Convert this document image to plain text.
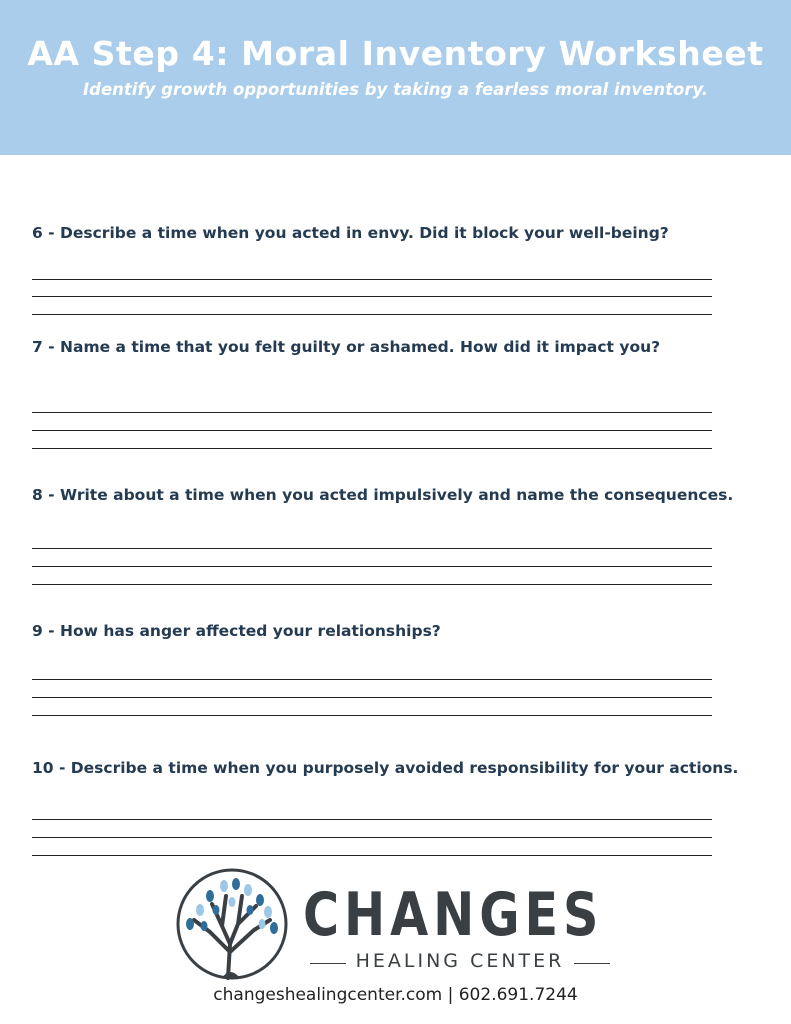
AA Step 4: Moral Inventory Worksheet
Identify growth opportunities by taking a fearless moral inventory.
6 - Describe a time when you acted in envy. Did it block your well-being?
7 - Name a time that you felt guilty or ashamed. How did it impact you?
8 - Write about a time when you acted impulsively and name the consequences.
9 - How has anger affected your relationships?
10 - Describe a time when you purposely avoided responsibility for your actions.
CHANGES
HEALING CENTER
changeshealingcenter.com | 602.691.7244
